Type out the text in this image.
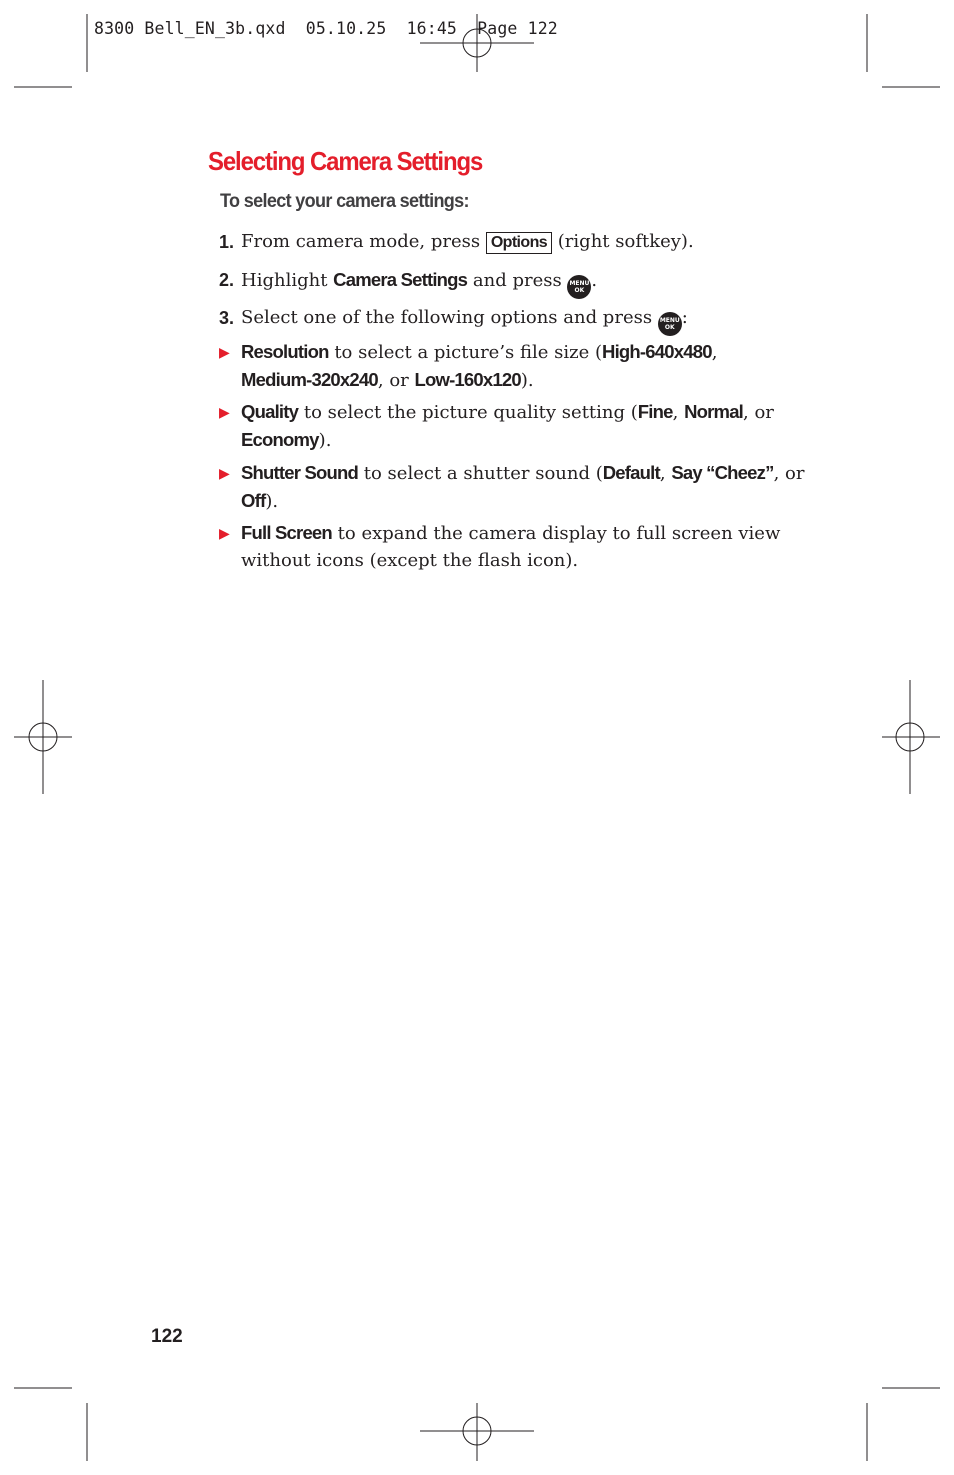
8300 Bell_EN_3b.qxd  05.10.25  16:45  Page 122
Selecting Camera Settings
To select your camera settings:
1. From camera mode, press Options (right softkey).
2. Highlight Camera Settings and press MENU
OK .
3. Select one of the following options and press MENU
OK :
▶ Resolution to select a picture’s file size (High-640x480,
Medium-320x240, or Low-160x120).
▶ Quality to select the picture quality setting (Fine, Normal, or
Economy).
▶ Shutter Sound to select a shutter sound (Default, Say “Cheez”, or
Off).
▶ Full Screen to expand the camera display to full screen view without icons (except the flash icon).
122
